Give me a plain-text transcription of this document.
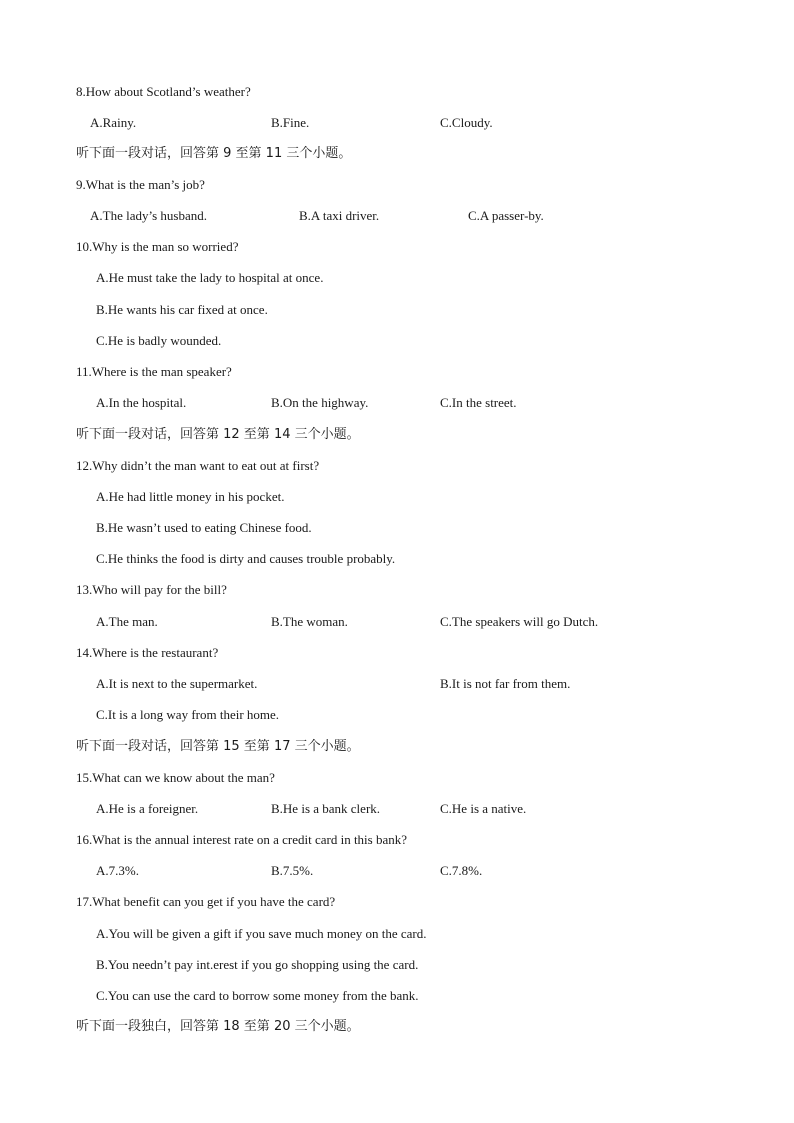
8.How about Scotland’s weather?
A.Rainy.	B.Fine.	C.Cloudy.
听下面一段对话，回答第 9 至第 11 三个小题。
9.What is the man’s job?
A.The lady’s husband.	B.A taxi driver.	C.A passer-by.
10.Why is the man so worried?
A.He must take the lady to hospital at once.
B.He wants his car fixed at once.
C.He is badly wounded.
11.Where is the man speaker?
A.In the hospital.	B.On the highway.	C.In the street.
听下面一段对话，回答第 12 至第 14 三个小题。
12.Why didn’t the man want to eat out at first?
A.He had little money in his pocket.
B.He wasn’t used to eating Chinese food.
C.He thinks the food is dirty and causes trouble probably.
13.Who will pay for the bill?
A.The man.	B.The woman.	C.The speakers will go Dutch.
14.Where is the restaurant?
A.It is next to the supermarket.	B.It is not far from them.
C.It is a long way from their home.
听下面一段对话，回答第 15 至第 17 三个小题。
15.What can we know about the man?
A.He is a foreigner.	B.He is a bank clerk.	C.He is a native.
16.What is the annual interest rate on a credit card in this bank?
A.7.3%.	B.7.5%.	C.7.8%.
17.What benefit can you get if you have the card?
A.You will be given a gift if you save much money on the card.
B.You needn’t pay int.erest if you go shopping using the card.
C.You can use the card to borrow some money from the bank.
听下面一段独白，回答第 18 至第 20 三个小题。
